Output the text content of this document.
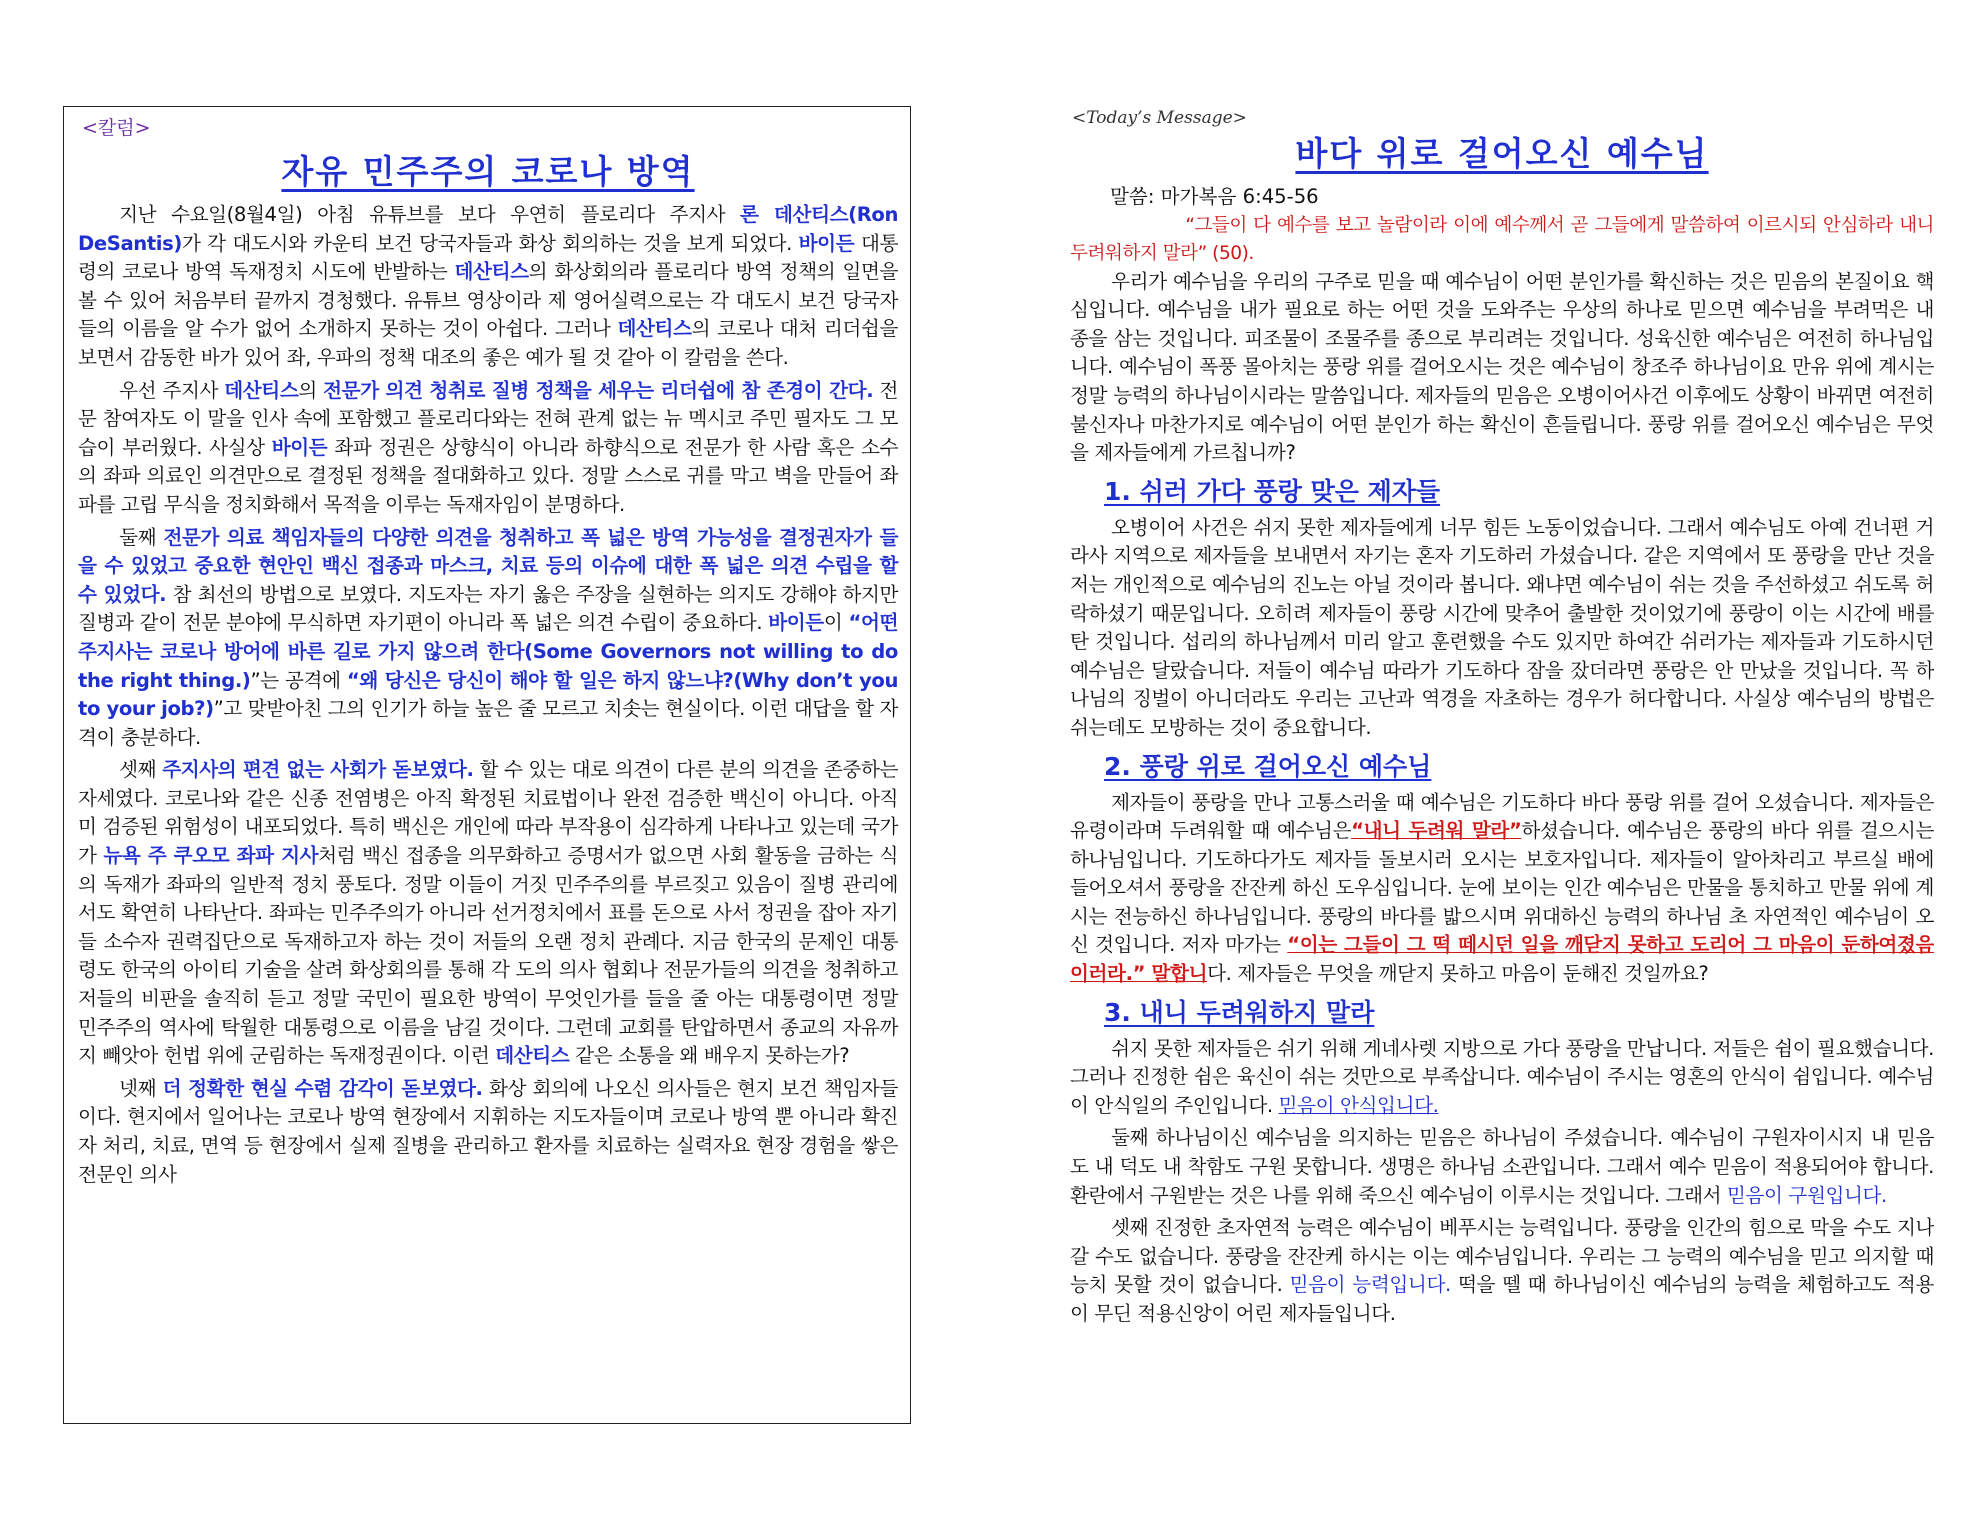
<칼럼>
자유 민주주의 코로나 방역

지난 수요일(8월4일) 아침 유튜브를 보다 우연히 플로리다 주지사 론 데산티스(Ron DeSantis)가 각 대도시와 카운티 보건 당국자들과 화상 회의하는 것을 보게 되었다. 바이든 대통령의 코로나 방역 독재정치 시도에 반발하는 데산티스의 화상회의라 플로리다 방역 정책의 일면을 볼 수 있어 처음부터 끝까지 경청했다. 유튜브 영상이라 제 영어실력으로는 각 대도시 보건 당국자들의 이름을 알 수가 없어 소개하지 못하는 것이 아쉽다. 그러나 데산티스의 코로나 대처 리더쉽을 보면서 감동한 바가 있어 좌, 우파의 정책 대조의 좋은 예가 될 것 같아 이 칼럼을 쓴다.

우선 주지사 데산티스의 전문가 의견 청취로 질병 정책을 세우는 리더쉽에 참 존경이 간다. 전문 참여자도 이 말을 인사 속에 포함했고 플로리다와는 전혀 관계 없는 뉴 멕시코 주민 필자도 그 모습이 부러웠다. 사실상 바이든 좌파 정권은 상향식이 아니라 하향식으로 전문가 한 사람 혹은 소수의 좌파 의료인 의견만으로 결정된 정책을 절대화하고 있다. 정말 스스로 귀를 막고 벽을 만들어 좌파를 고립 무식을 정치화해서 목적을 이루는 독재자임이 분명하다.

둘째 전문가 의료 책임자들의 다양한 의견을 청취하고 폭 넓은 방역 가능성을 결정권자가 들을 수 있었고 중요한 현안인 백신 접종과 마스크, 치료 등의 이슈에 대한 폭 넓은 의견 수립을 할 수 있었다. 참 최선의 방법으로 보였다. 지도자는 자기 옳은 주장을 실현하는 의지도 강해야 하지만 질병과 같이 전문 분야에 무식하면 자기편이 아니라 폭 넓은 의견 수립이 중요하다. 바이든이 “어떤 주지사는 코로나 방어에 바른 길로 가지 않으려 한다(Some Governors not willing to do the right thing.)”는 공격에 “왜 당신은 당신이 해야 할 일은 하지 않느냐?(Why don’t you to your job?)”고 맞받아친 그의 인기가 하늘 높은 줄 모르고 치솟는 현실이다. 이런 대답을 할 자격이 충분하다.

셋째 주지사의 편견 없는 사회가 돋보였다. 할 수 있는 대로 의견이 다른 분의 의견을 존중하는 자세였다. 코로나와 같은 신종 전염병은 아직 확정된 치료법이나 완전 검증한 백신이 아니다. 아직 미 검증된 위험성이 내포되었다. 특히 백신은 개인에 따라 부작용이 심각하게 나타나고 있는데 국가가 뉴욕 주 쿠오모 좌파 지사처럼 백신 접종을 의무화하고 증명서가 없으면 사회 활동을 금하는 식의 독재가 좌파의 일반적 정치 풍토다. 정말 이들이 거짓 민주주의를 부르짖고 있음이 질병 관리에서도 확연히 나타난다. 좌파는 민주주의가 아니라 선거정치에서 표를 돈으로 사서 정권을 잡아 자기들 소수자 권력집단으로 독재하고자 하는 것이 저들의 오랜 정치 관례다. 지금 한국의 문제인 대통령도 한국의 아이티 기술을 살려 화상회의를 통해 각 도의 의사 협회나 전문가들의 의견을 청취하고 저들의 비판을 솔직히 듣고 정말 국민이 필요한 방역이 무엇인가를 들을 줄 아는 대통령이면 정말 민주주의 역사에 탁월한 대통령으로 이름을 남길 것이다. 그런데 교회를 탄압하면서 종교의 자유까지 빼앗아 헌법 위에 군림하는 독재정권이다. 이런 데산티스 같은 소통을 왜 배우지 못하는가?

넷째 더 정확한 현실 수렴 감각이 돋보였다. 화상 회의에 나오신 의사들은 현지 보건 책임자들이다. 현지에서 일어나는 코로나 방역 현장에서 지휘하는 지도자들이며 코로나 방역 뿐 아니라 확진자 처리, 치료, 면역 등 현장에서 실제 질병을 관리하고 환자를 치료하는 실력자요 현장 경험을 쌓은 전문인 의사

<Today’s Message>
바다 위로 걸어오신 예수님
말씀: 마가복음 6:45-56

“그들이 다 예수를 보고 놀람이라 이에 예수께서 곧 그들에게 말씀하여 이르시되 안심하라 내니 두려워하지 말라” (50).

우리가 예수님을 우리의 구주로 믿을 때 예수님이 어떤 분인가를 확신하는 것은 믿음의 본질이요 핵심입니다. 예수님을 내가 필요로 하는 어떤 것을 도와주는 우상의 하나로 믿으면 예수님을 부려먹은 내 종을 삼는 것입니다. 피조물이 조물주를 종으로 부리려는 것입니다. 성육신한 예수님은 여전히 하나님입니다. 예수님이 폭풍 몰아치는 풍랑 위를 걸어오시는 것은 예수님이 창조주 하나님이요 만유 위에 계시는 정말 능력의 하나님이시라는 말씀입니다. 제자들의 믿음은 오병이어사건 이후에도 상황이 바뀌면 여전히 불신자나 마찬가지로 예수님이 어떤 분인가 하는 확신이 흔들립니다. 풍랑 위를 걸어오신 예수님은 무엇을 제자들에게 가르칩니까?

1. 쉬러 가다 풍랑 맞은 제자들

오병이어 사건은 쉬지 못한 제자들에게 너무 힘든 노동이었습니다. 그래서 예수님도 아예 건너편 거라사 지역으로 제자들을 보내면서 자기는 혼자 기도하러 가셨습니다. 같은 지역에서 또 풍랑을 만난 것을 저는 개인적으로 예수님의 진노는 아닐 것이라 봅니다. 왜냐면 예수님이 쉬는 것을 주선하셨고 쉬도록 허락하셨기 때문입니다. 오히려 제자들이 풍랑 시간에 맞추어 출발한 것이었기에 풍랑이 이는 시간에 배를 탄 것입니다. 섭리의 하나님께서 미리 알고 훈련했을 수도 있지만 하여간 쉬러가는 제자들과 기도하시던 예수님은 달랐습니다. 저들이 예수님 따라가 기도하다 잠을 잤더라면 풍랑은 안 만났을 것입니다. 꼭 하나님의 징벌이 아니더라도 우리는 고난과 역경을 자초하는 경우가 허다합니다. 사실상 예수님의 방법은 쉬는데도 모방하는 것이 중요합니다.

2. 풍랑 위로 걸어오신 예수님

제자들이 풍랑을 만나 고통스러울 때 예수님은 기도하다 바다 풍랑 위를 걸어 오셨습니다. 제자들은 유령이라며 두려워할 때 예수님은“내니 두려워 말라”하셨습니다. 예수님은 풍랑의 바다 위를 걸으시는 하나님입니다. 기도하다가도 제자들 돌보시러 오시는 보호자입니다. 제자들이 알아차리고 부르실 배에 들어오셔서 풍랑을 잔잔케 하신 도우심입니다. 눈에 보이는 인간 예수님은 만물을 통치하고 만물 위에 계시는 전능하신 하나님입니다. 풍랑의 바다를 밟으시며 위대하신 능력의 하나님 초 자연적인 예수님이 오신 것입니다. 저자 마가는 “이는 그들이 그 떡 떼시던 일을 깨닫지 못하고 도리어 그 마음이 둔하여졌음이러라.” 말합니다. 제자들은 무엇을 깨닫지 못하고 마음이 둔해진 것일까요?

3. 내니 두려워하지 말라

쉬지 못한 제자들은 쉬기 위해 게네사렛 지방으로 가다 풍랑을 만납니다. 저들은 쉼이 필요했습니다. 그러나 진정한 쉼은 육신이 쉬는 것만으로 부족삽니다. 예수님이 주시는 영혼의 안식이 쉼입니다. 예수님이 안식일의 주인입니다. 믿음이 안식입니다.

둘째 하나님이신 예수님을 의지하는 믿음은 하나님이 주셨습니다. 예수님이 구원자이시지 내 믿음도 내 덕도 내 착함도 구원 못합니다. 생명은 하나님 소관입니다. 그래서 예수 믿음이 적용되어야 합니다. 환란에서 구원받는 것은 나를 위해 죽으신 예수님이 이루시는 것입니다. 그래서 믿음이 구원입니다.

셋째 진정한 초자연적 능력은 예수님이 베푸시는 능력입니다. 풍랑을 인간의 힘으로 막을 수도 지나갈 수도 없습니다. 풍랑을 잔잔케 하시는 이는 예수님입니다. 우리는 그 능력의 예수님을 믿고 의지할 때 능치 못할 것이 없습니다. 믿음이 능력입니다. 떡을 뗄 때 하나님이신 예수님의 능력을 체험하고도 적용이 무딘 적용신앙이 어린 제자들입니다.
